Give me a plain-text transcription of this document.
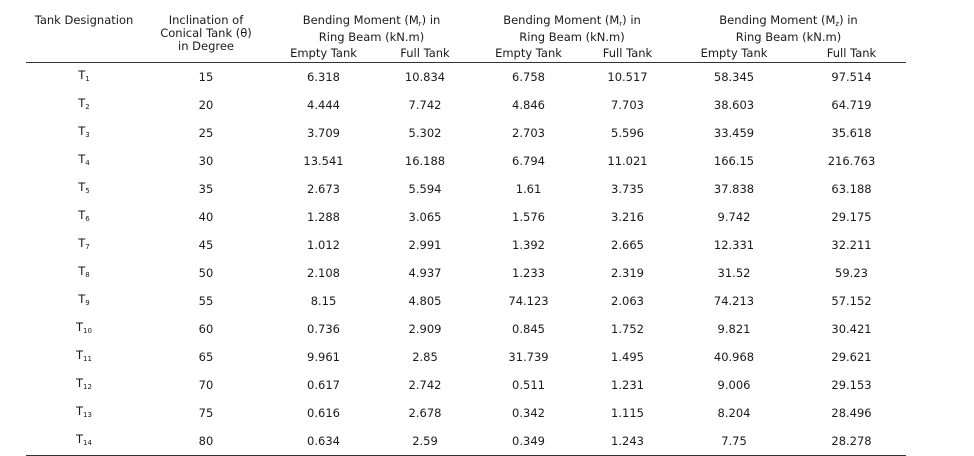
Tank Designation	Inclination of
Conical Tank (θ)
in Degree	Bending Moment $(M_r)$ in
Ring Beam (kN.m)		Bending Moment $(M_r)$ in
Ring Beam (kN.m)		Bending Moment $(M_z)$ in
Ring Beam (kN.m)	
		Empty Tank	Full Tank	Empty Tank	Full Tank	Empty Tank	Full Tank
$T_1$	15	6.318	10.834	6.758	10.517	58.345	97.514
$T_2$	20	4.444	7.742	4.846	7.703	38.603	64.719
$T_3$	25	3.709	5.302	2.703	5.596	33.459	35.618
$T_4$	30	13.541	16.188	6.794	11.021	166.15	216.763
$T_5$	35	2.673	5.594	1.61	3.735	37.838	63.188
$T_6$	40	1.288	3.065	1.576	3.216	9.742	29.175
$T_7$	45	1.012	2.991	1.392	2.665	12.331	32.211
$T_8$	50	2.108	4.937	1.233	2.319	31.52	59.23
$T_9$	55	8.15	4.805	74.123	2.063	74.213	57.152
$T_{10}$	60	0.736	2.909	0.845	1.752	9.821	30.421
$T_{11}$	65	9.961	2.85	31.739	1.495	40.968	29.621
$T_{12}$	70	0.617	2.742	0.511	1.231	9.006	29.153
$T_{13}$	75	0.616	2.678	0.342	1.115	8.204	28.496
$T_{14}$	80	0.634	2.59	0.349	1.243	7.75	28.278
